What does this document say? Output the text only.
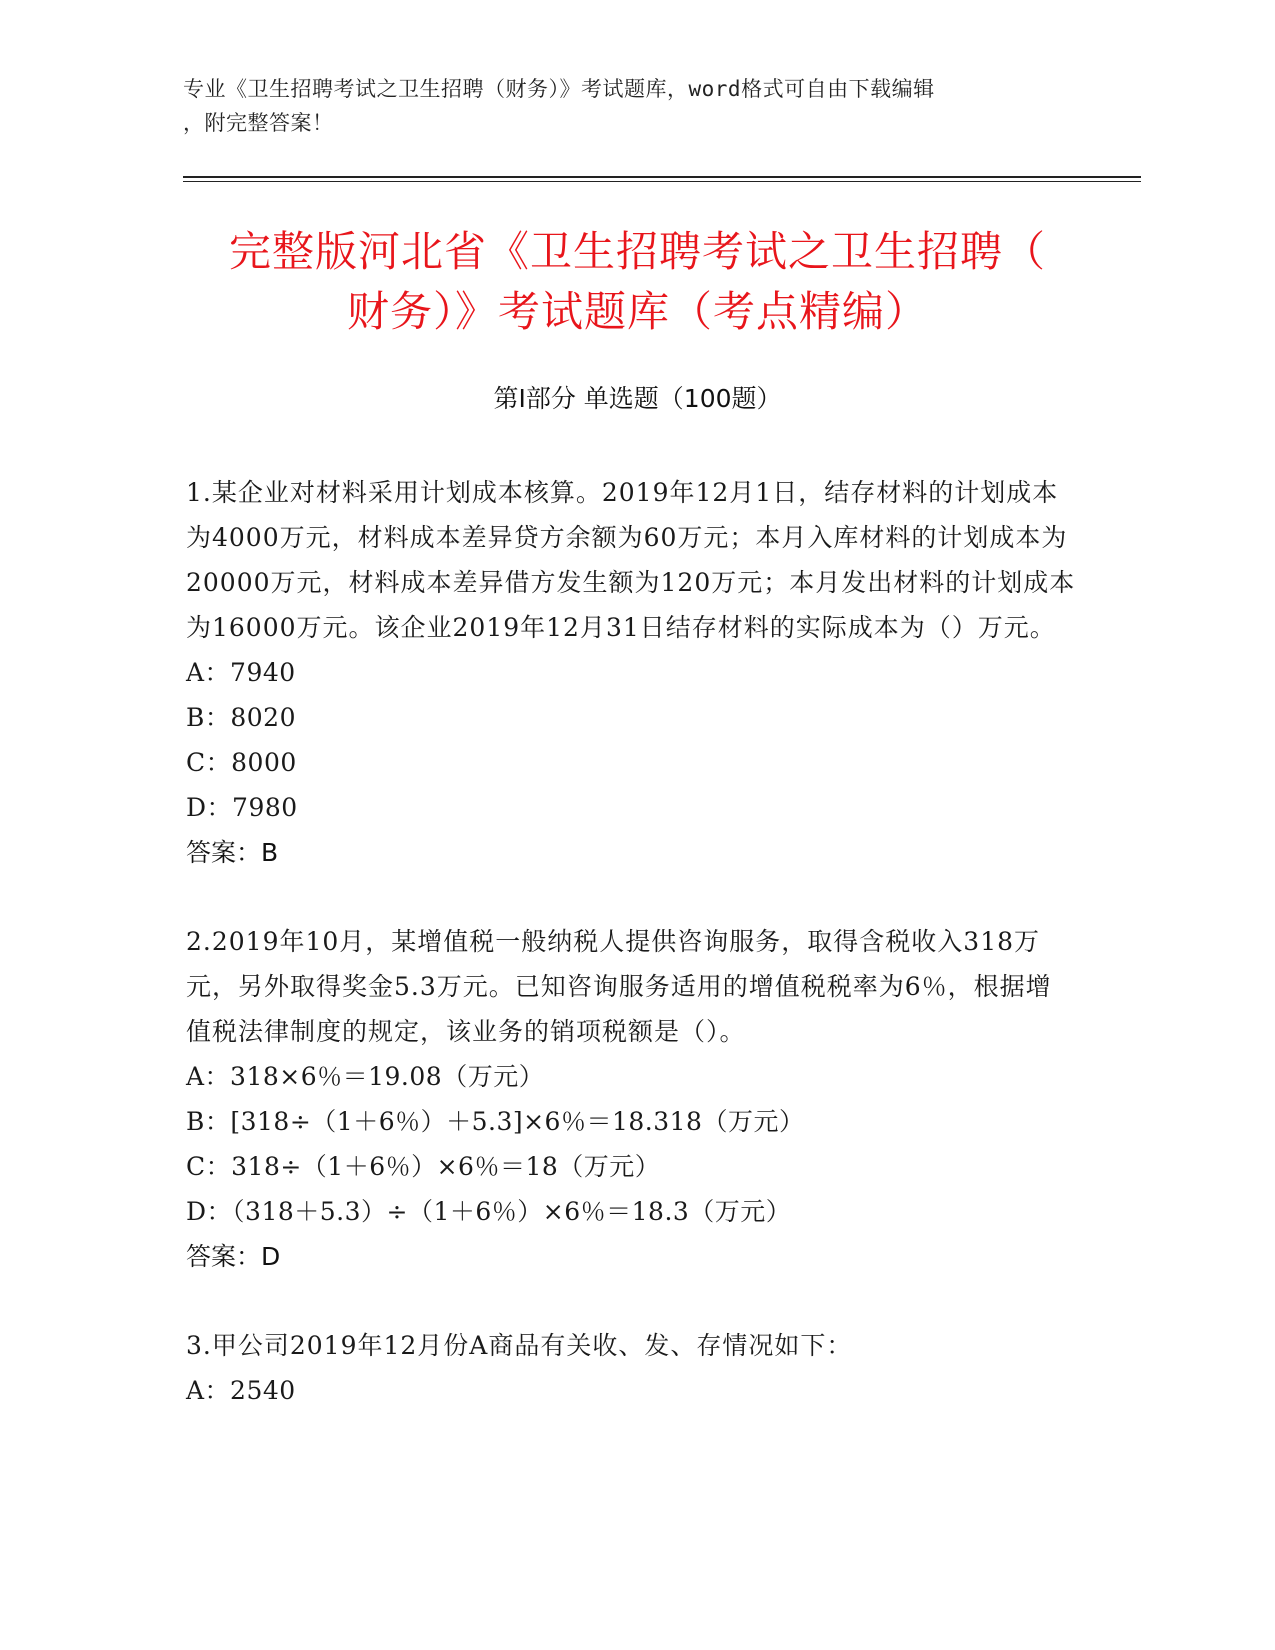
专业《卫生招聘考试之卫生招聘（财务）》考试题库，word格式可自由下载编辑
，附完整答案！
完整版河北省《卫生招聘考试之卫生招聘（
财务）》考试题库（考点精编）
第Ⅰ部分 单选题（100题）
1.某企业对材料采用计划成本核算。2019年12月1日，结存材料的计划成本为4000万元，材料成本差异贷方余额为60万元；本月入库材料的计划成本为20000万元，材料成本差异借方发生额为120万元；本月发出材料的计划成本为16000万元。该企业2019年12月31日结存材料的实际成本为（）万元。
A：7940
B：8020
C：8000
D：7980
答案：B
2.2019年10月，某增值税一般纳税人提供咨询服务，取得含税收入318万元，另外取得奖金5.3万元。已知咨询服务适用的增值税税率为6％，根据增值税法律制度的规定，该业务的销项税额是（）。
A：318×6％＝19.08（万元）
B：[318÷（1＋6％）＋5.3]×6％＝18.318（万元）
C：318÷（1＋6％）×6％＝18（万元）
D：（318＋5.3）÷（1＋6％）×6％＝18.3（万元）
答案：D
3.甲公司2019年12月份A商品有关收、发、存情况如下：
A：2540
